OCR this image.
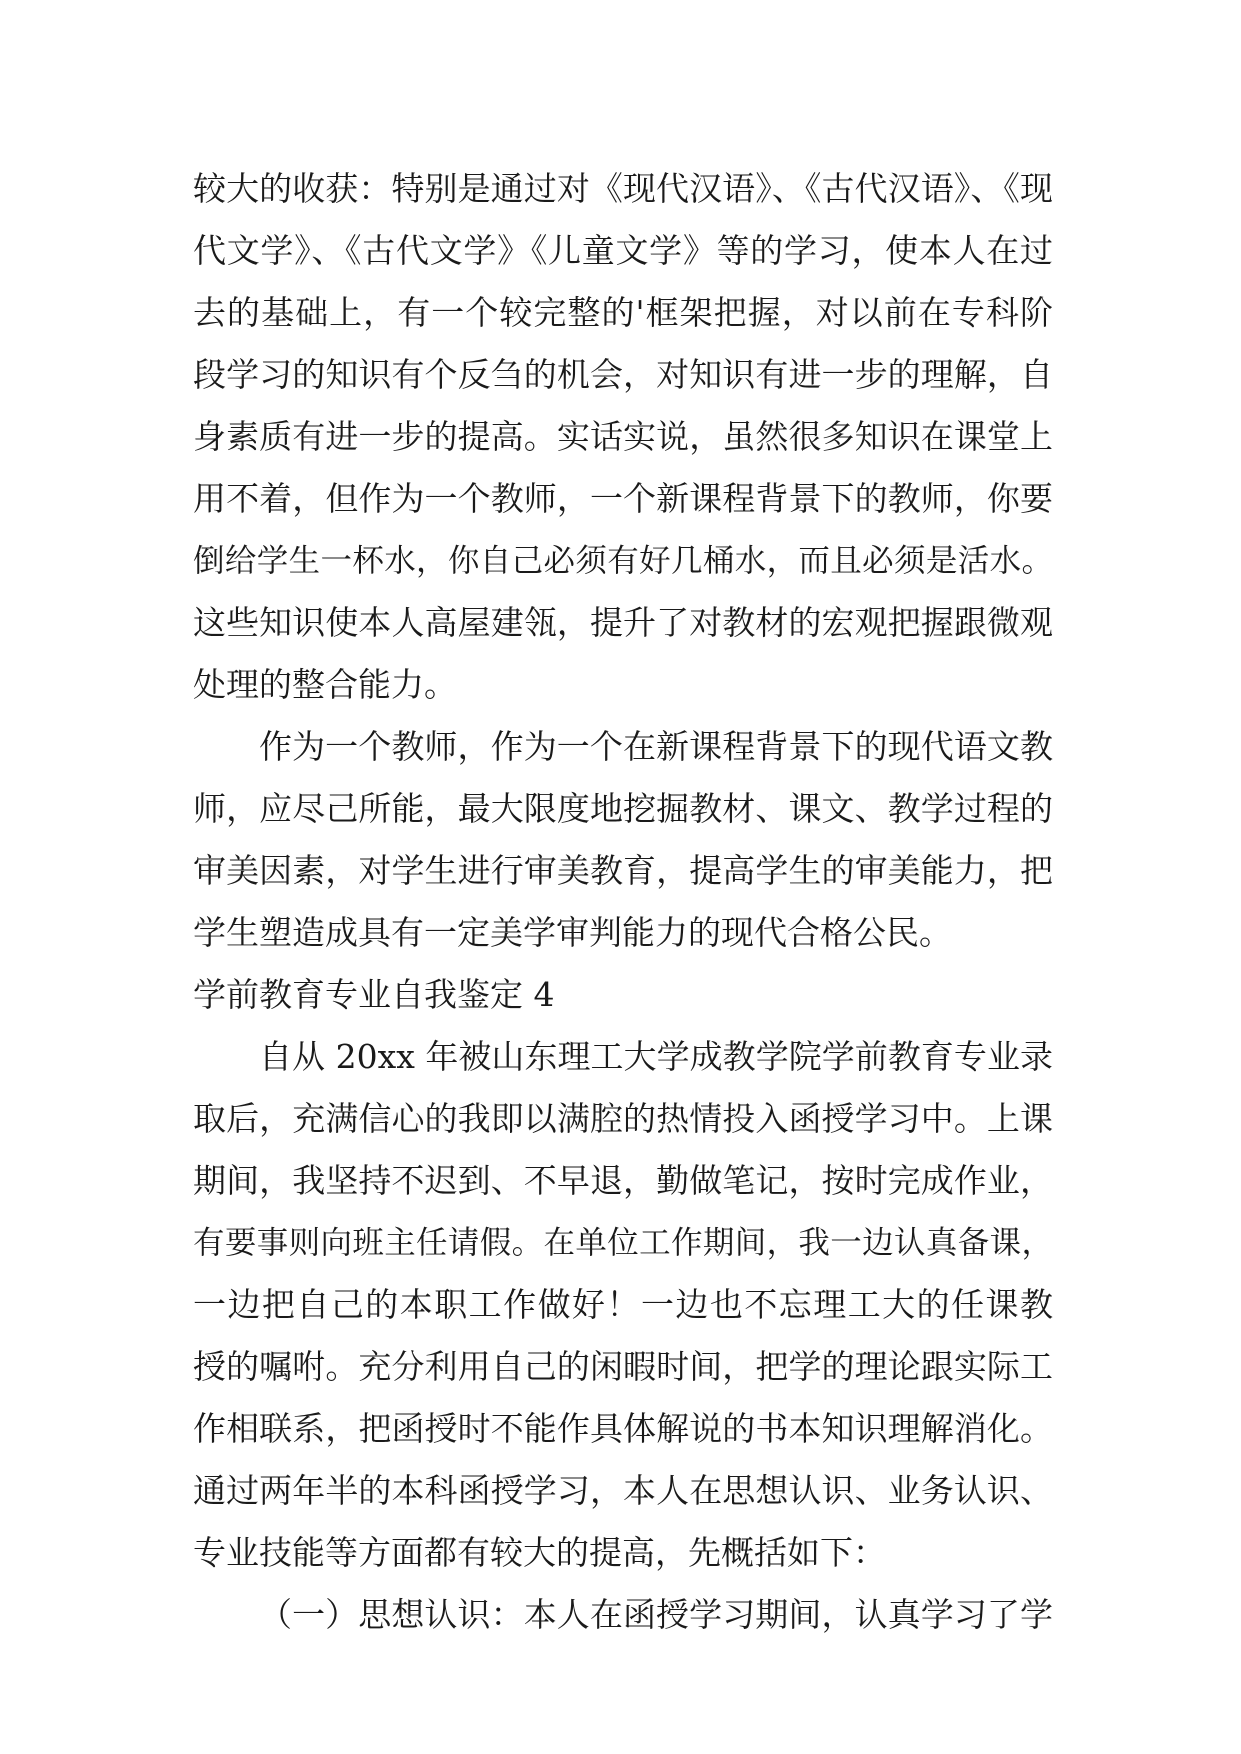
较大的收获：特别是通过对《现代汉语》、《古代汉语》、《现
代文学》、《古代文学》《儿童文学》等的学习，使本人在过
去的基础上，有一个较完整的'框架把握，对以前在专科阶
段学习的知识有个反刍的机会，对知识有进一步的理解，自
身素质有进一步的提高。实话实说，虽然很多知识在课堂上
用不着，但作为一个教师，一个新课程背景下的教师，你要
倒给学生一杯水，你自己必须有好几桶水，而且必须是活水。
这些知识使本人高屋建瓴，提升了对教材的宏观把握跟微观
处理的整合能力。
作为一个教师，作为一个在新课程背景下的现代语文教
师，应尽己所能，最大限度地挖掘教材、课文、教学过程的
审美因素，对学生进行审美教育，提高学生的审美能力，把
学生塑造成具有一定美学审判能力的现代合格公民。
学前教育专业自我鉴定 4
自从 20xx 年被山东理工大学成教学院学前教育专业录
取后，充满信心的我即以满腔的热情投入函授学习中。上课
期间，我坚持不迟到、不早退，勤做笔记，按时完成作业，
有要事则向班主任请假。在单位工作期间，我一边认真备课，
一边把自己的本职工作做好！一边也不忘理工大的任课教
授的嘱咐。充分利用自己的闲暇时间，把学的理论跟实际工
作相联系，把函授时不能作具体解说的书本知识理解消化。
通过两年半的本科函授学习，本人在思想认识、业务认识、
专业技能等方面都有较大的提高，先概括如下：
（一）思想认识：本人在函授学习期间，认真学习了学
